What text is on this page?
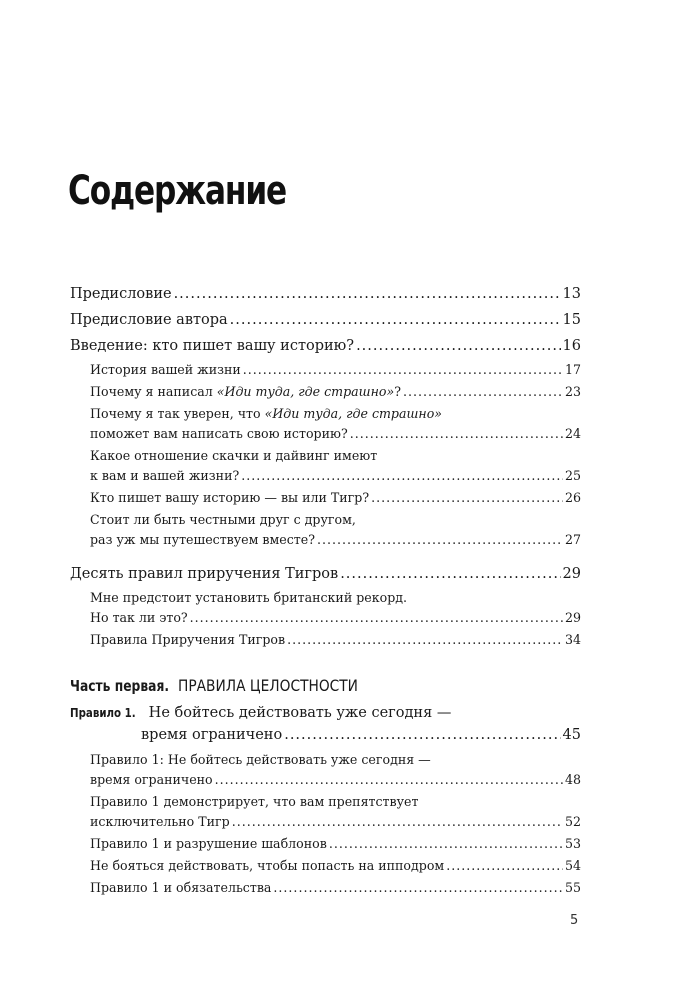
Содержание
Предисловие .....	13
Предисловие автора .....	15
Введение: кто пишет вашу историю? .....	16
История вашей жизни .....	17
Почему я написал «Иди туда, где страшно»? .....	23
Почему я так уверен, что «Иди туда, где страшно»
поможет вам написать свою историю? .....	24
Какое отношение скачки и дайвинг имеют
к вам и вашей жизни? .....	25
Кто пишет вашу историю — вы или Тигр? .....	26
Стоит ли быть честными друг с другом,
раз уж мы путешествуем вместе? .....	27
Десять правил приручения Тигров .....	29
Мне предстоит установить британский рекорд.
Но так ли это? .....	29
Правила Приручения Тигров .....	34
Часть первая. ПРАВИЛА ЦЕЛОСТНОСТИ
Правило 1. Не бойтесь действовать уже сегодня —
время ограничено .....	45
Правило 1: Не бойтесь действовать уже сегодня —
время ограничено .....	48
Правило 1 демонстрирует, что вам препятствует
исключительно Тигр .....	52
Правило 1 и разрушение шаблонов .....	53
Не бояться действовать, чтобы попасть на ипподром .....	54
Правило 1 и обязательства .....	55
5
